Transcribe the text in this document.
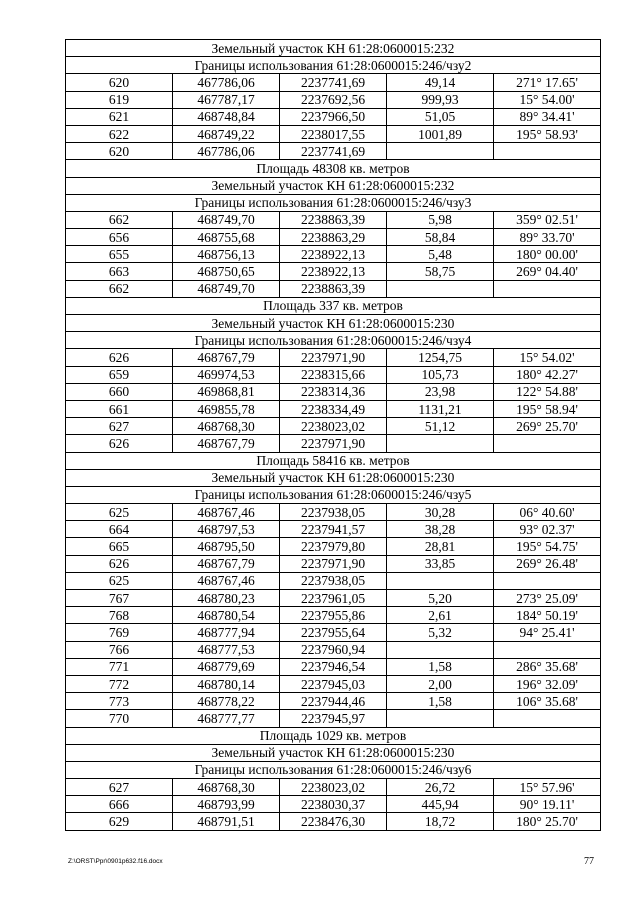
Земельный участок КН 61:28:0600015:232				
Границы использования 61:28:0600015:246/чзу2				
620	467786,06	2237741,69	49,14	271° 17.65'
619	467787,17	2237692,56	999,93	15° 54.00'
621	468748,84	2237966,50	51,05	89° 34.41'
622	468749,22	2238017,55	1001,89	195° 58.93'
620	467786,06	2237741,69		
Площадь 48308 кв. метров				
Земельный участок КН 61:28:0600015:232				
Границы использования 61:28:0600015:246/чзу3				
662	468749,70	2238863,39	5,98	359° 02.51'
656	468755,68	2238863,29	58,84	89° 33.70'
655	468756,13	2238922,13	5,48	180° 00.00'
663	468750,65	2238922,13	58,75	269° 04.40'
662	468749,70	2238863,39		
Площадь 337 кв. метров				
Земельный участок КН 61:28:0600015:230				
Границы использования 61:28:0600015:246/чзу4				
626	468767,79	2237971,90	1254,75	15° 54.02'
659	469974,53	2238315,66	105,73	180° 42.27'
660	469868,81	2238314,36	23,98	122° 54.88'
661	469855,78	2238334,49	1131,21	195° 58.94'
627	468768,30	2238023,02	51,12	269° 25.70'
626	468767,79	2237971,90		
Площадь 58416 кв. метров				
Земельный участок КН 61:28:0600015:230				
Границы использования 61:28:0600015:246/чзу5				
625	468767,46	2237938,05	30,28	06° 40.60'
664	468797,53	2237941,57	38,28	93° 02.37'
665	468795,50	2237979,80	28,81	195° 54.75'
626	468767,79	2237971,90	33,85	269° 26.48'
625	468767,46	2237938,05		
767	468780,23	2237961,05	5,20	273° 25.09'
768	468780,54	2237955,86	2,61	184° 50.19'
769	468777,94	2237955,64	5,32	94° 25.41'
766	468777,53	2237960,94		
771	468779,69	2237946,54	1,58	286° 35.68'
772	468780,14	2237945,03	2,00	196° 32.09'
773	468778,22	2237944,46	1,58	106° 35.68'
770	468777,77	2237945,97		
Площадь 1029 кв. метров				
Земельный участок КН 61:28:0600015:230				
Границы использования 61:28:0600015:246/чзу6				
627	468768,30	2238023,02	26,72	15° 57.96'
666	468793,99	2238030,37	445,94	90° 19.11'
629	468791,51	2238476,30	18,72	180° 25.70'
Z:\ORST\Ppr\0901p632.f16.docx	77
